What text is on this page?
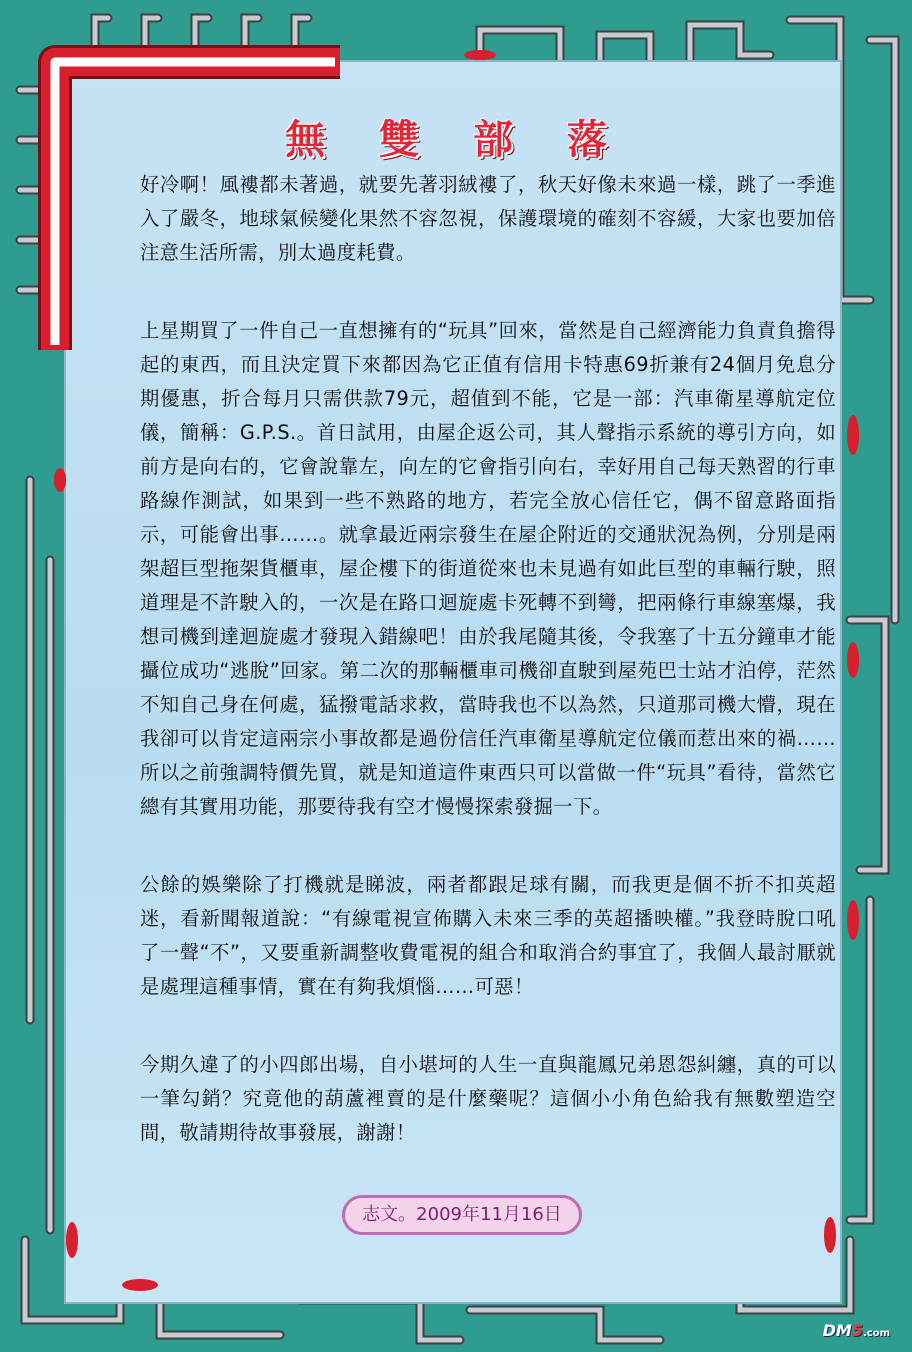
無 雙 部 落

好冷啊！風褸都未著過，就要先著羽絨褸了，秋天好像未來過一樣，跳了一季進入了嚴冬，地球氣候變化果然不容忽視，保護環境的確刻不容緩，大家也要加倍注意生活所需，別太過度耗費。

上星期買了一件自己一直想擁有的“玩具”回來，當然是自己經濟能力負責負擔得起的東西，而且決定買下來都因為它正值有信用卡特惠69折兼有24個月免息分期優惠，折合每月只需供款79元，超值到不能，它是一部：汽車衛星導航定位儀，簡稱：G.P.S.。首日試用，由屋企返公司，其人聲指示系統的導引方向，如前方是向右的，它會說靠左，向左的它會指引向右，幸好用自己每天熟習的行車路線作測試，如果到一些不熟路的地方，若完全放心信任它，偶不留意路面指示，可能會出事……。就拿最近兩宗發生在屋企附近的交通狀況為例，分別是兩架超巨型拖架貨櫃車，屋企樓下的街道從來也未見過有如此巨型的車輛行駛，照道理是不許駛入的，一次是在路口迴旋處卡死轉不到彎，把兩條行車線塞爆，我想司機到達迴旋處才發現入錯線吧！由於我尾隨其後，令我塞了十五分鐘車才能攝位成功“逃脫”回家。第二次的那輛櫃車司機卻直駛到屋苑巴士站才泊停，茫然不知自己身在何處，猛撥電話求救，當時我也不以為然，只道那司機大懵，現在我卻可以肯定這兩宗小事故都是過份信任汽車衛星導航定位儀而惹出來的禍……所以之前強調特價先買，就是知道這件東西只可以當做一件“玩具”看待，當然它總有其實用功能，那要待我有空才慢慢探索發掘一下。

公餘的娛樂除了打機就是睇波，兩者都跟足球有關，而我更是個不折不扣英超迷，看新聞報道說：“有線電視宣佈購入未來三季的英超播映權。”我登時脫口吼了一聲“不”，又要重新調整收費電視的組合和取消合約事宜了，我個人最討厭就是處理這種事情，實在有夠我煩惱……可惡！

今期久違了的小四郎出場，自小堪坷的人生一直與龍鳳兄弟恩怨糾纏，真的可以一筆勾銷？究竟他的葫蘆裡賣的是什麼藥呢？這個小小角色給我有無數塑造空間，敬請期待故事發展，謝謝！

志文。2009年11月16日
DM5.com
